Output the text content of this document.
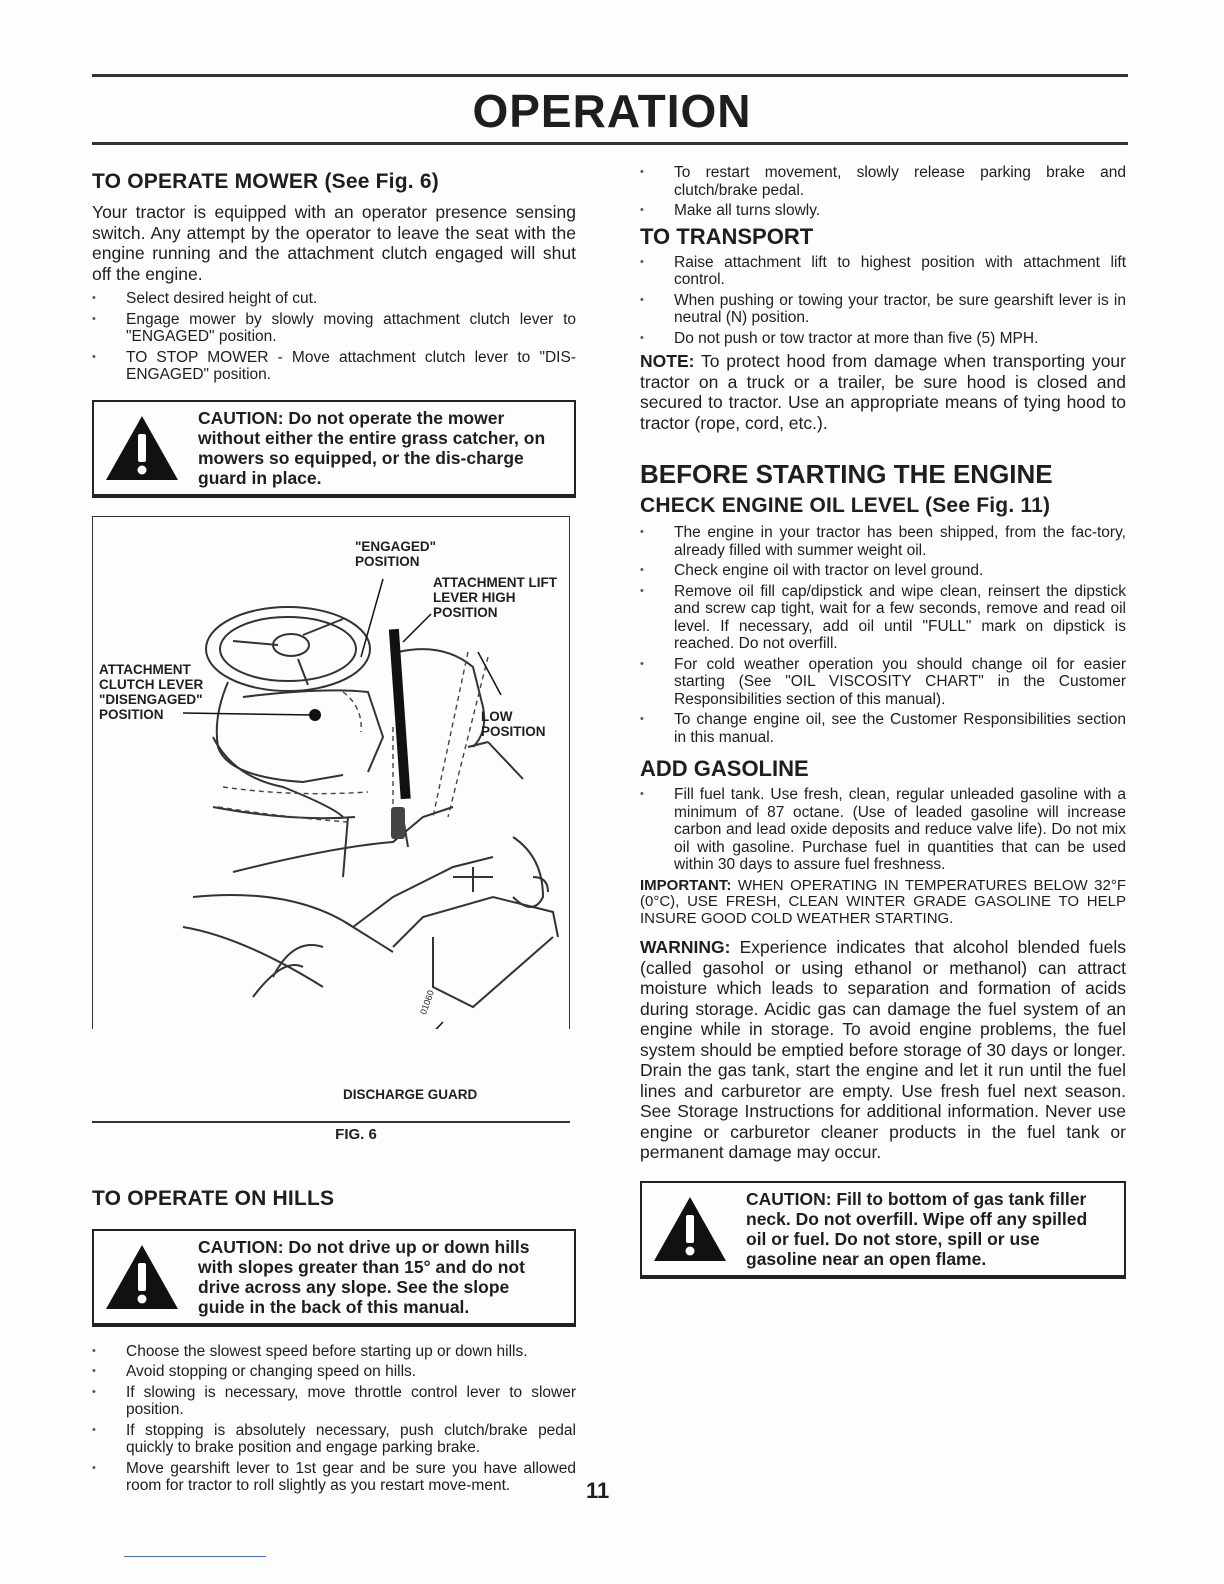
OPERATION
TO OPERATE MOWER (See Fig. 6)

Your tractor is equipped with an operator presence sensing switch. Any attempt by the operator to leave the seat with the engine running and the attachment clutch engaged will shut off the engine.

• Select desired height of cut.
• Engage mower by slowly moving attachment clutch lever to "ENGAGED" position.
• TO STOP MOWER - Move attachment clutch lever to "DIS-ENGAGED" position.
CAUTION: Do not operate the mower without either the entire grass catcher, on mowers so equipped, or the dis-charge guard in place.
"ENGAGED" POSITION
ATTACHMENT LIFT LEVER HIGH POSITION
ATTACHMENT CLUTCH LEVER "DISENGAGED" POSITION	LOW POSITION
DISCHARGE GUARD
01060
FIG. 6
TO OPERATE ON HILLS
CAUTION: Do not drive up or down hills with slopes greater than 15° and do not drive across any slope. See the slope guide in the back of this manual.
• Choose the slowest speed before starting up or down hills.
• Avoid stopping or changing speed on hills.
• If slowing is necessary, move throttle control lever to slower position.
• If stopping is absolutely necessary, push clutch/brake pedal quickly to brake position and engage parking brake.
• Move gearshift lever to 1st gear and be sure you have allowed room for tractor to roll slightly as you restart move-ment.
• To restart movement, slowly release parking brake and clutch/brake pedal.
• Make all turns slowly.
TO TRANSPORT
• Raise attachment lift to highest position with attachment lift control.
• When pushing or towing your tractor, be sure gearshift lever is in neutral (N) position.
• Do not push or tow tractor at more than five (5) MPH.

NOTE: To protect hood from damage when transporting your tractor on a truck or a trailer, be sure hood is closed and secured to tractor. Use an appropriate means of tying hood to tractor (rope, cord, etc.).

BEFORE STARTING THE ENGINE
CHECK ENGINE OIL LEVEL (See Fig. 11)
• The engine in your tractor has been shipped, from the fac-tory, already filled with summer weight oil.
• Check engine oil with tractor on level ground.
• Remove oil fill cap/dipstick and wipe clean, reinsert the dipstick and screw cap tight, wait for a few seconds, remove and read oil level. If necessary, add oil until "FULL" mark on dipstick is reached. Do not overfill.
• For cold weather operation you should change oil for easier starting (See "OIL VISCOSITY CHART" in the Customer Responsibilities section of this manual).
• To change engine oil, see the Customer Responsibilities section in this manual.
ADD GASOLINE
• Fill fuel tank. Use fresh, clean, regular unleaded gasoline with a minimum of 87 octane. (Use of leaded gasoline will increase carbon and lead oxide deposits and reduce valve life). Do not mix oil with gasoline. Purchase fuel in quantities that can be used within 30 days to assure fuel freshness.

IMPORTANT: WHEN OPERATING IN TEMPERATURES BELOW 32°F (0°C), USE FRESH, CLEAN WINTER GRADE GASOLINE TO HELP INSURE GOOD COLD WEATHER STARTING.

WARNING: Experience indicates that alcohol blended fuels (called gasohol or using ethanol or methanol) can attract moisture which leads to separation and formation of acids during storage. Acidic gas can damage the fuel system of an engine while in storage. To avoid engine problems, the fuel system should be emptied before storage of 30 days or longer. Drain the gas tank, start the engine and let it run until the fuel lines and carburetor are empty. Use fresh fuel next season. See Storage Instructions for additional information. Never use engine or carburetor cleaner products in the fuel tank or permanent damage may occur.

CAUTION: Fill to bottom of gas tank filler neck. Do not overfill. Wipe off any spilled oil or fuel. Do not store, spill or use gasoline near an open flame.
11
